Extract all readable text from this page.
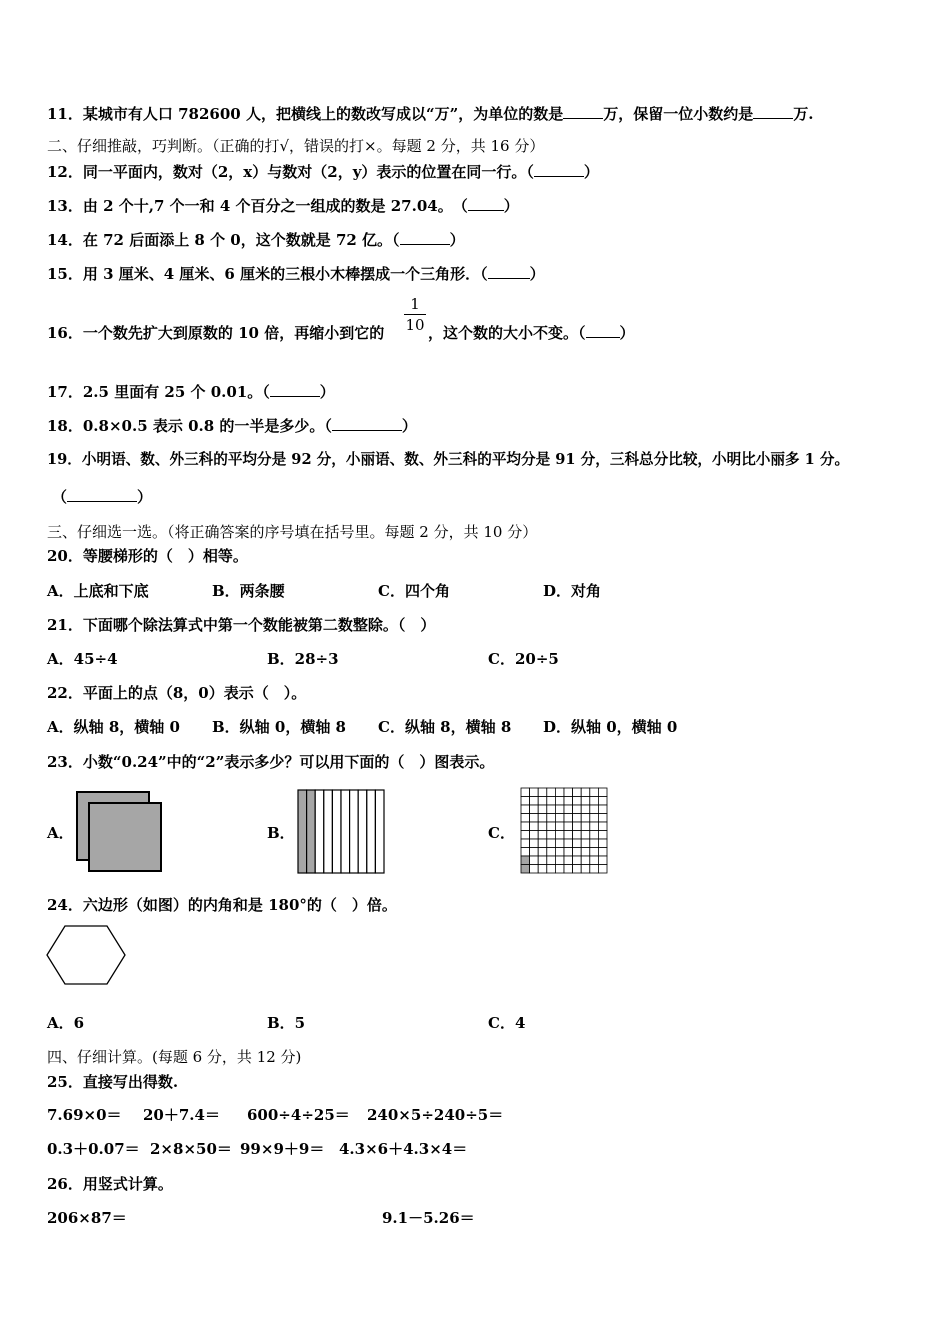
11．某城市有人口 782600 人，把横线上的数改写成以“万”，为单位的数是	万，保留一位小数约是	万.
二、仔细推敲，巧判断。（正确的打√，错误的打×。每题 2 分，共 16 分）
12．同一平面内，数对（2，x）与数对（2，y）表示的位置在同一行。（	）
13．由 2 个十,7 个一和 4 个百分之一组成的数是 27.04。　（ ）
14．在 72 后面添上 8 个 0，这个数就是 72 亿。（	）
15．用 3 厘米、4 厘米、6 厘米的三根小木棒摆成一个三角形．（	）
16．一个数先扩大到原数的 10 倍，再缩小到它的
1
10 ，这个数的大小不变。（ ）
17．2.5 里面有 25 个 0.01。（	）
18．0.8×0.5 表示 0.8 的一半是多少。（	）
19．小明语、数、外三科的平均分是 92 分，小丽语、数、外三科的平均分是 91 分，三科总分比较，小明比小丽多 1 分。
（	）
三、仔细选一选。（将正确答案的序号填在括号里。每题 2 分，共 10 分）
20．等腰梯形的（　）相等。
A．上底和下底	B．两条腰	C．四个角	D．对角
21．下面哪个除法算式中第一个数能被第二数整除。（　）
A．45÷4	B．28÷3	C．20÷5
22．平面上的点（8，0）表示（　）。
A．纵轴 8，横轴 0 B．纵轴 0，横轴 8 C．纵轴 8，横轴 8 D．纵轴 0，横轴 0
23．小数“0.24”中的“2”表示多少？可以用下面的（　）图表示。
A．	B．	C．
24．六边形（如图）的内角和是 180°的（　）倍。
A．6	B．5	C．4
四、仔细计算。(每题 6 分，共 12 分)
25．直接写出得数.
7.69×0＝ 20＋7.4＝ 600÷4÷25＝ 240×5÷240÷5＝
0.3＋0.07＝ 2×8×50＝ 99×9＋9＝ 4.3×6＋4.3×4＝
26．用竖式计算。
206×87＝	9.1－5.26＝
